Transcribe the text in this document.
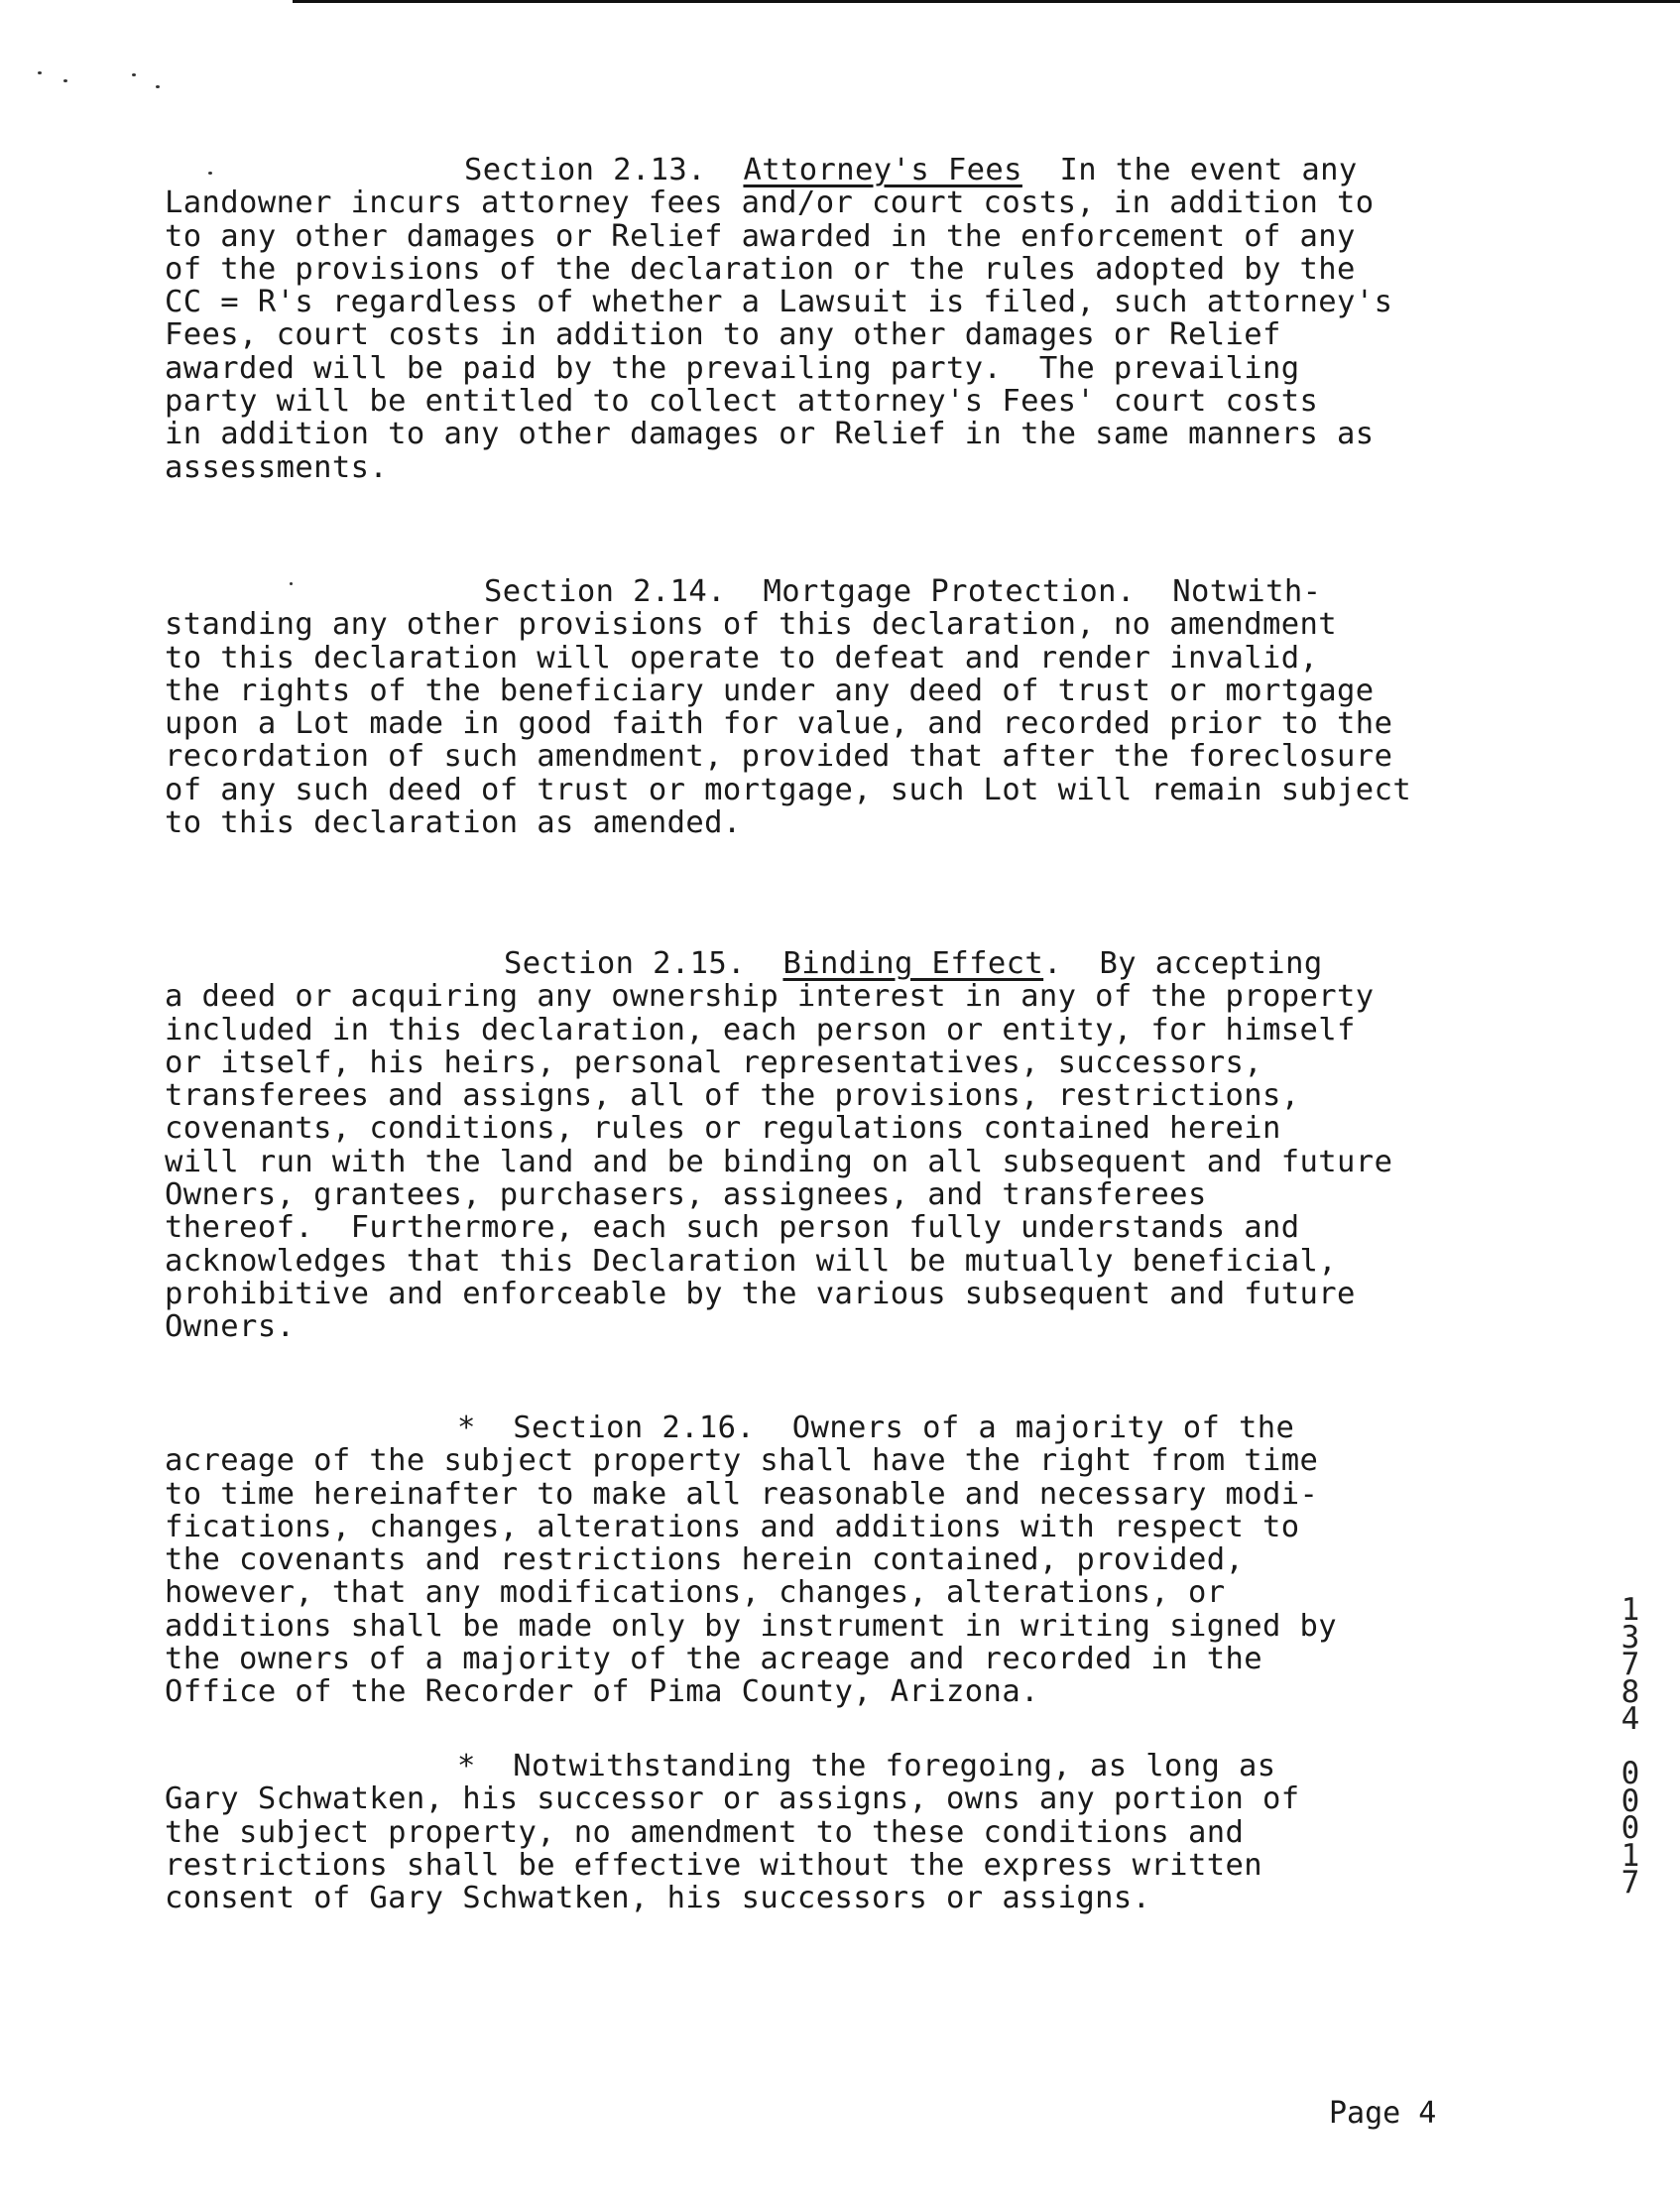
Section 2.13. Attorney's Fees In the event any
Landowner incurs attorney fees and/or court costs, in addition to
to any other damages or Relief awarded in the enforcement of any
of the provisions of the declaration or the rules adopted by the
CC = R's regardless of whether a Lawsuit is filed, such attorney's
Fees, court costs in addition to any other damages or Relief
awarded will be paid by the prevailing party.  The prevailing
party will be entitled to collect attorney's Fees' court costs
in addition to any other damages or Relief in the same manners as
assessments.
Section 2.14. Mortgage Protection. Notwith-
standing any other provisions of this declaration, no amendment
to this declaration will operate to defeat and render invalid,
the rights of the beneficiary under any deed of trust or mortgage
upon a Lot made in good faith for value, and recorded prior to the
recordation of such amendment, provided that after the foreclosure
of any such deed of trust or mortgage, such Lot will remain subject
to this declaration as amended.
Section 2.15. Binding Effect.  By accepting
a deed or acquiring any ownership interest in any of the property
included in this declaration, each person or entity, for himself
or itself, his heirs, personal representatives, successors,
transferees and assigns, all of the provisions, restrictions,
covenants, conditions, rules or regulations contained herein
will run with the land and be binding on all subsequent and future
Owners, grantees, purchasers, assignees, and transferees
thereof.  Furthermore, each such person fully understands and
acknowledges that this Declaration will be mutually beneficial,
prohibitive and enforceable by the various subsequent and future
Owners.
*  Section 2.16. Owners of a majority of the
acreage of the subject property shall have the right from time
to time hereinafter to make all reasonable and necessary modi-
fications, changes, alterations and additions with respect to
the covenants and restrictions herein contained, provided,
however, that any modifications, changes, alterations, or
additions shall be made only by instrument in writing signed by
the owners of a majority of the acreage and recorded in the
Office of the Recorder of Pima County, Arizona.
*  Notwithstanding the foregoing, as long as
Gary Schwatken, his successor or assigns, owns any portion of
the subject property, no amendment to these conditions and
restrictions shall be effective without the express written
consent of Gary Schwatken, his successors or assigns.
1
3
7
8
4

0
0
0
1
7
Page 4
